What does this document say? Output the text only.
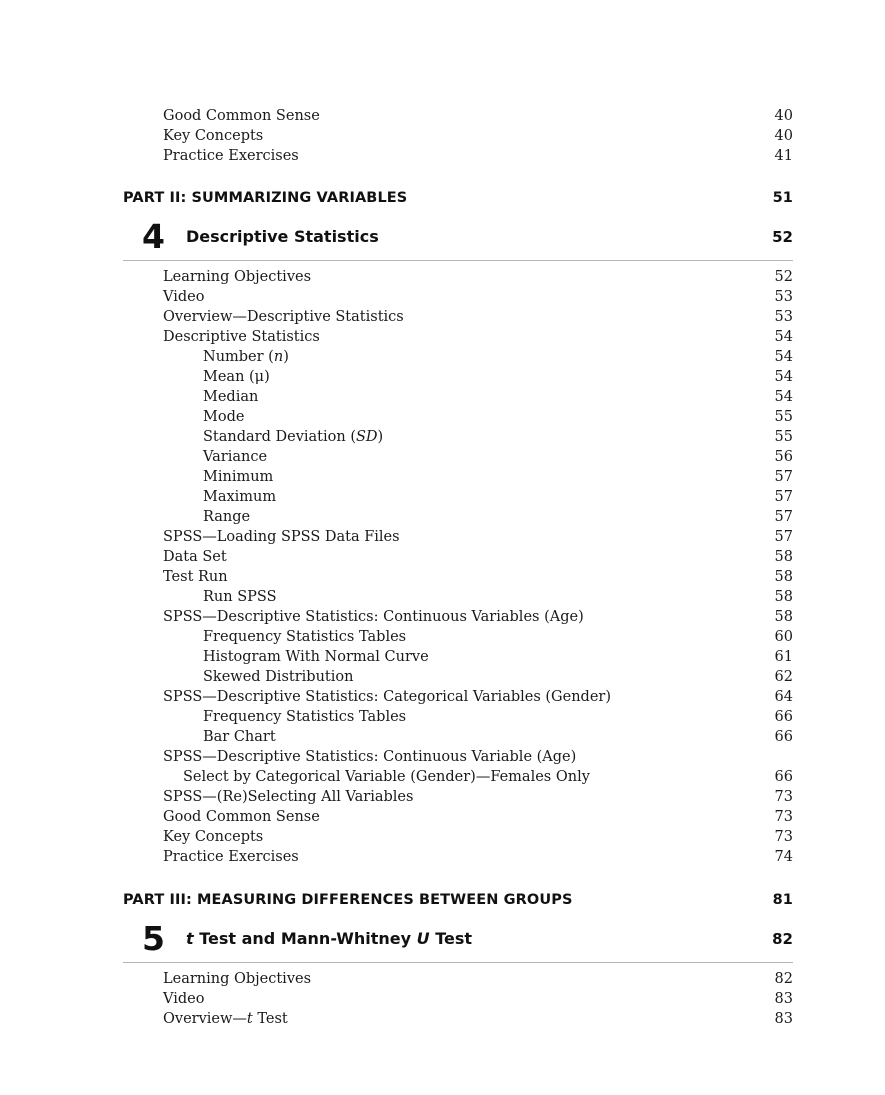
Good Common Sense	40
Key Concepts	40
Practice Exercises	41
PART II: SUMMARIZING VARIABLES	51
4 Descriptive Statistics	52
Learning Objectives	52
Video	53
Overview—Descriptive Statistics	53
Descriptive Statistics	54
Number (n)	54
Mean (μ)	54
Median	54
Mode	55
Standard Deviation (SD)	55
Variance	56
Minimum	57
Maximum	57
Range	57
SPSS—Loading SPSS Data Files	57
Data Set	58
Test Run	58
Run SPSS	58
SPSS—Descriptive Statistics: Continuous Variables (Age)	58
Frequency Statistics Tables	60
Histogram With Normal Curve	61
Skewed Distribution	62
SPSS—Descriptive Statistics: Categorical Variables (Gender)	64
Frequency Statistics Tables	66
Bar Chart	66
SPSS—Descriptive Statistics: Continuous Variable (Age)
Select by Categorical Variable (Gender)—Females Only	66
SPSS—(Re)Selecting All Variables	73
Good Common Sense	73
Key Concepts	73
Practice Exercises	74
PART III: MEASURING DIFFERENCES BETWEEN GROUPS	81
5 t Test and Mann-Whitney U Test	82
Learning Objectives	82
Video	83
Overview—t Test	83
